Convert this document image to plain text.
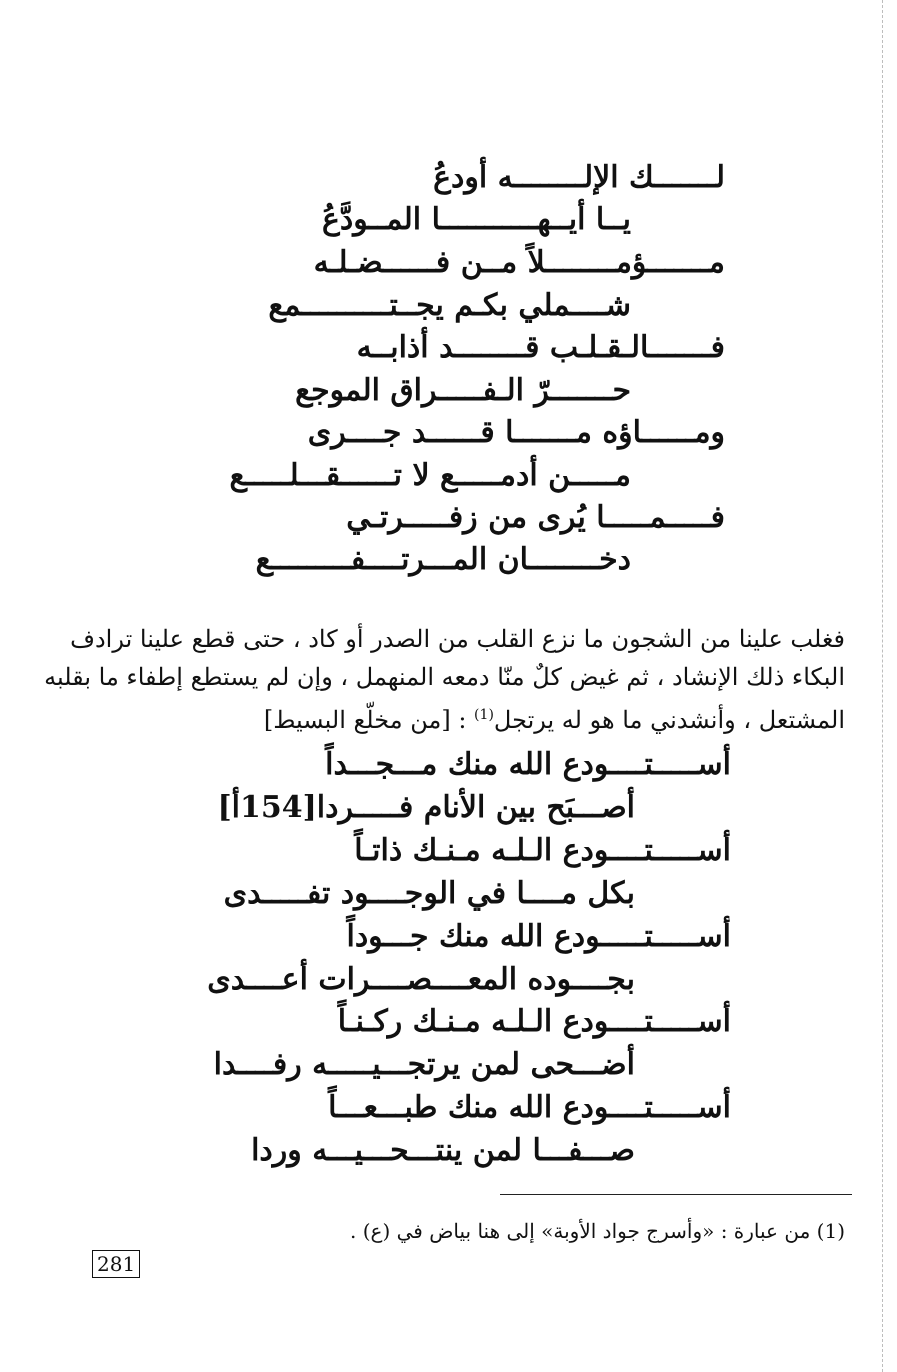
لـــــــك الإلــــــــه أودعُ
يــا أيــهـــــــــــا المــودَّعُ
مـــــــؤمــــــــلاً مــن فــــــضـلـه
شــــملي بكـم يجــتــــــــــمع
فـــــــالـقـلـب قــــــــد أذابــه
حـــــــرّ الـفـــــراق الموجع
ومــــــاؤه مـــــــا قــــــد جــــرى
مـــــن أدمـــــع لا تــــــقـــلـــــع
فـــــمـــــا يُرى من زفـــــرتـي
دخــــــــان المـــرتــــفـــــــــع
فغلب علينا من الشجون ما نزع القلب من الصدر أو كاد ، حتى قطع علينا ترادف
البكاء ذلك الإنشاد ، ثم غيض كلٌ منّا دمعه المنهمل ، وإن لم يستطع إطفاء ما بقلبه
المشتعل ، وأنشدني ما هو له يرتجل$^{(1)}$ : [من مخلّع البسيط]
أســـــتــــودع الله منك مـــجـــداً
أصـــبَح بين الأنام فـــــردا[154أ]
أســـــتــــودع الـلـه مـنـك ذاتـاً
بكل مــــا في الوجــــود تفـــــدى
أســـــتـــــودع الله منك جـــوداً
بجــــوده المعــــصــــرات أعــــدى
أســـــتــــودع الـلـه مـنـك ركـنـاً
أضـــحى لمن يرتجـــيـــــه رفــــدا
أســـــتــــودع الله منك طبـــعـــاً
صـــفـــا لمن ينتـــحـــيـــه وردا
(1) من عبارة : «وأسرج جواد الأوبة» إلى هنا بياض في (ع) .
281
